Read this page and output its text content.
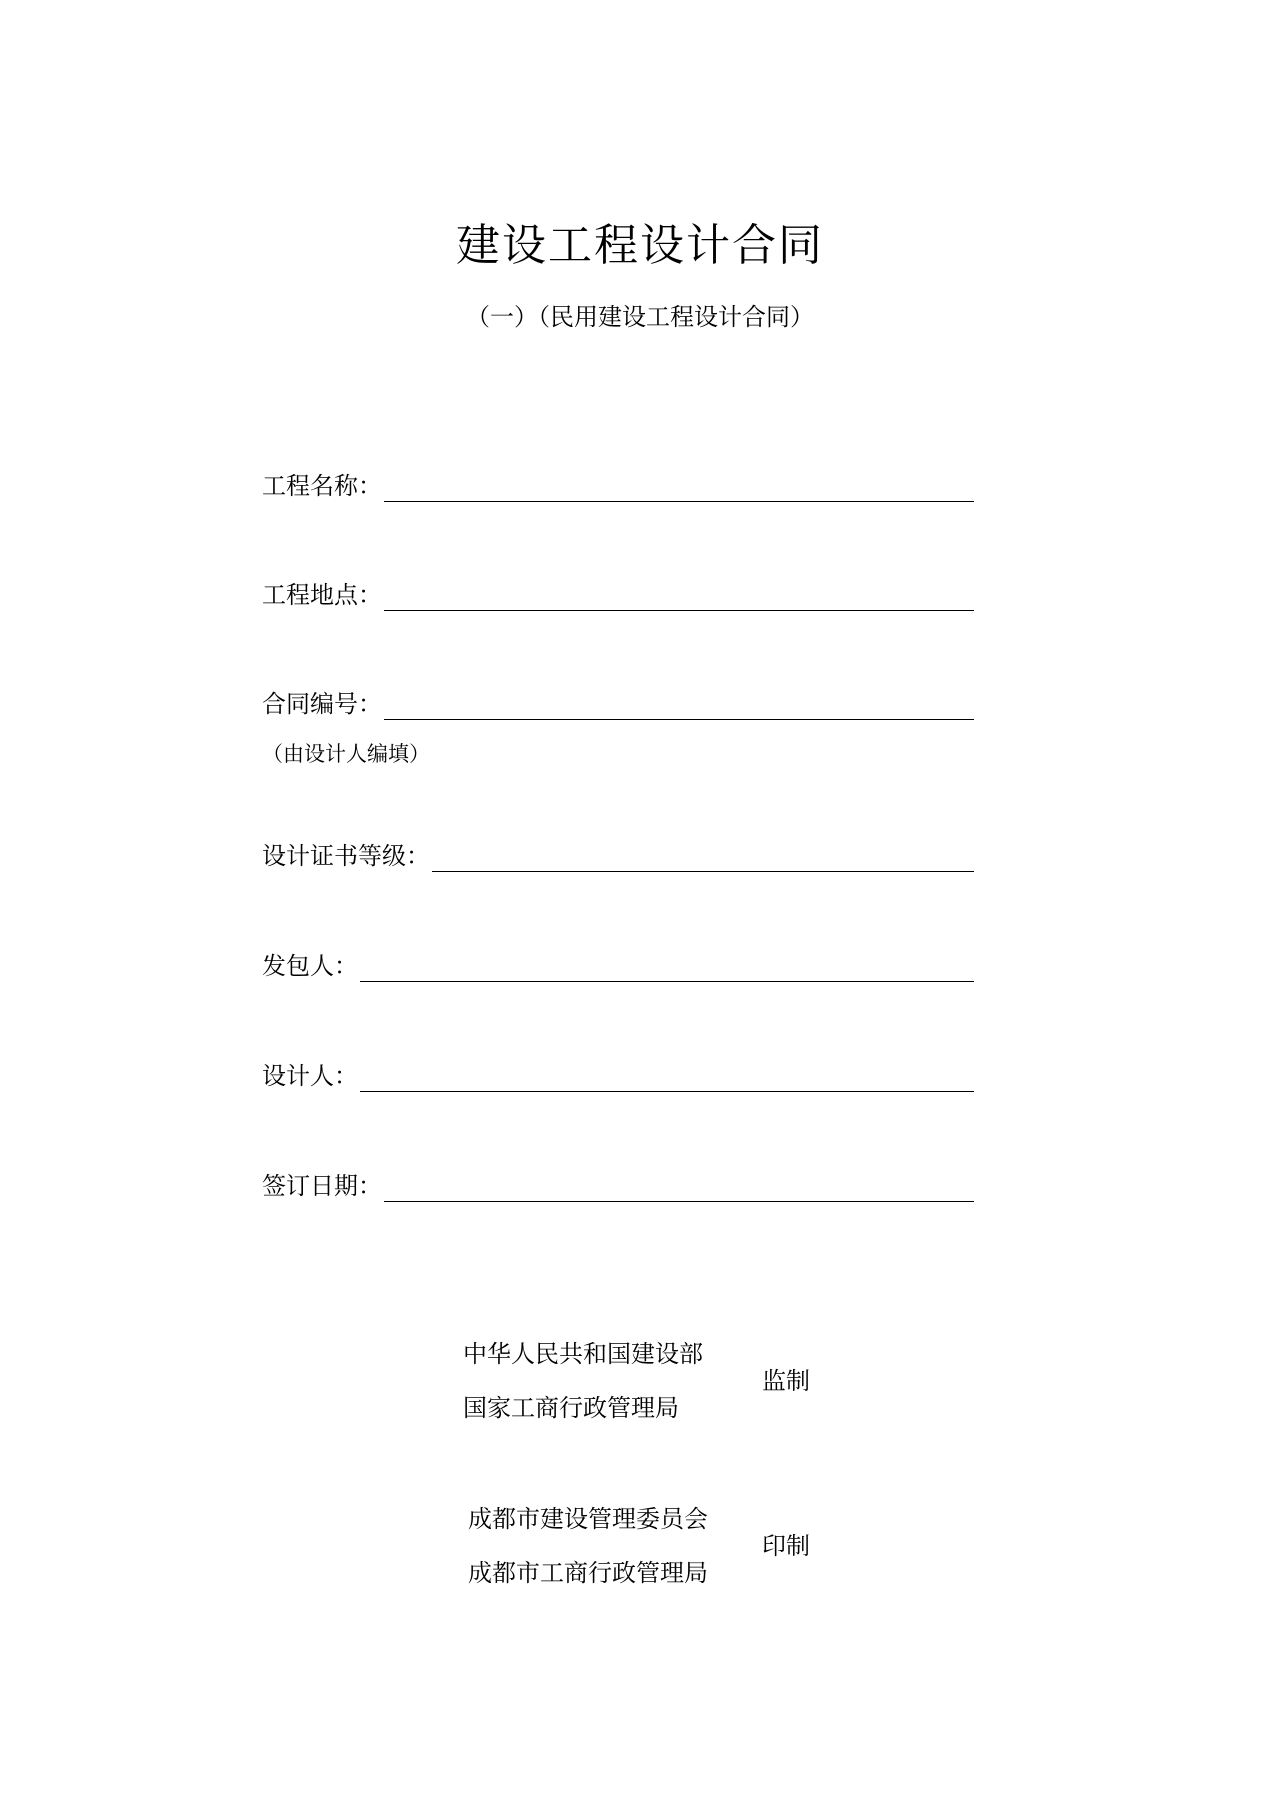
建设工程设计合同
（一）（民用建设工程设计合同）
工程名称：
工程地点：
合同编号：
（由设计人编填）
设计证书等级：
发包人：
设计人：
签订日期：
中华人民共和国建设部
国家工商行政管理局
监制
成都市建设管理委员会
成都市工商行政管理局
印制
